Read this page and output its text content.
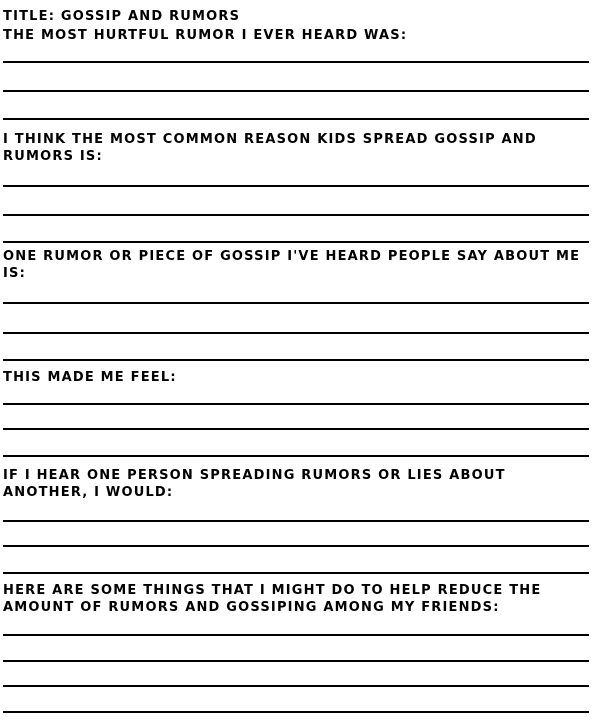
TITLE: GOSSIP AND RUMORS

THE MOST HURTFUL RUMOR I EVER HEARD WAS:

I THINK THE MOST COMMON REASON KIDS SPREAD GOSSIP AND RUMORS IS:

ONE RUMOR OR PIECE OF GOSSIP I'VE HEARD PEOPLE SAY ABOUT ME IS:

THIS MADE ME FEEL:

IF I HEAR ONE PERSON SPREADING RUMORS OR LIES ABOUT ANOTHER, I WOULD:

HERE ARE SOME THINGS THAT I MIGHT DO TO HELP REDUCE THE AMOUNT OF RUMORS AND GOSSIPING AMONG MY FRIENDS:
